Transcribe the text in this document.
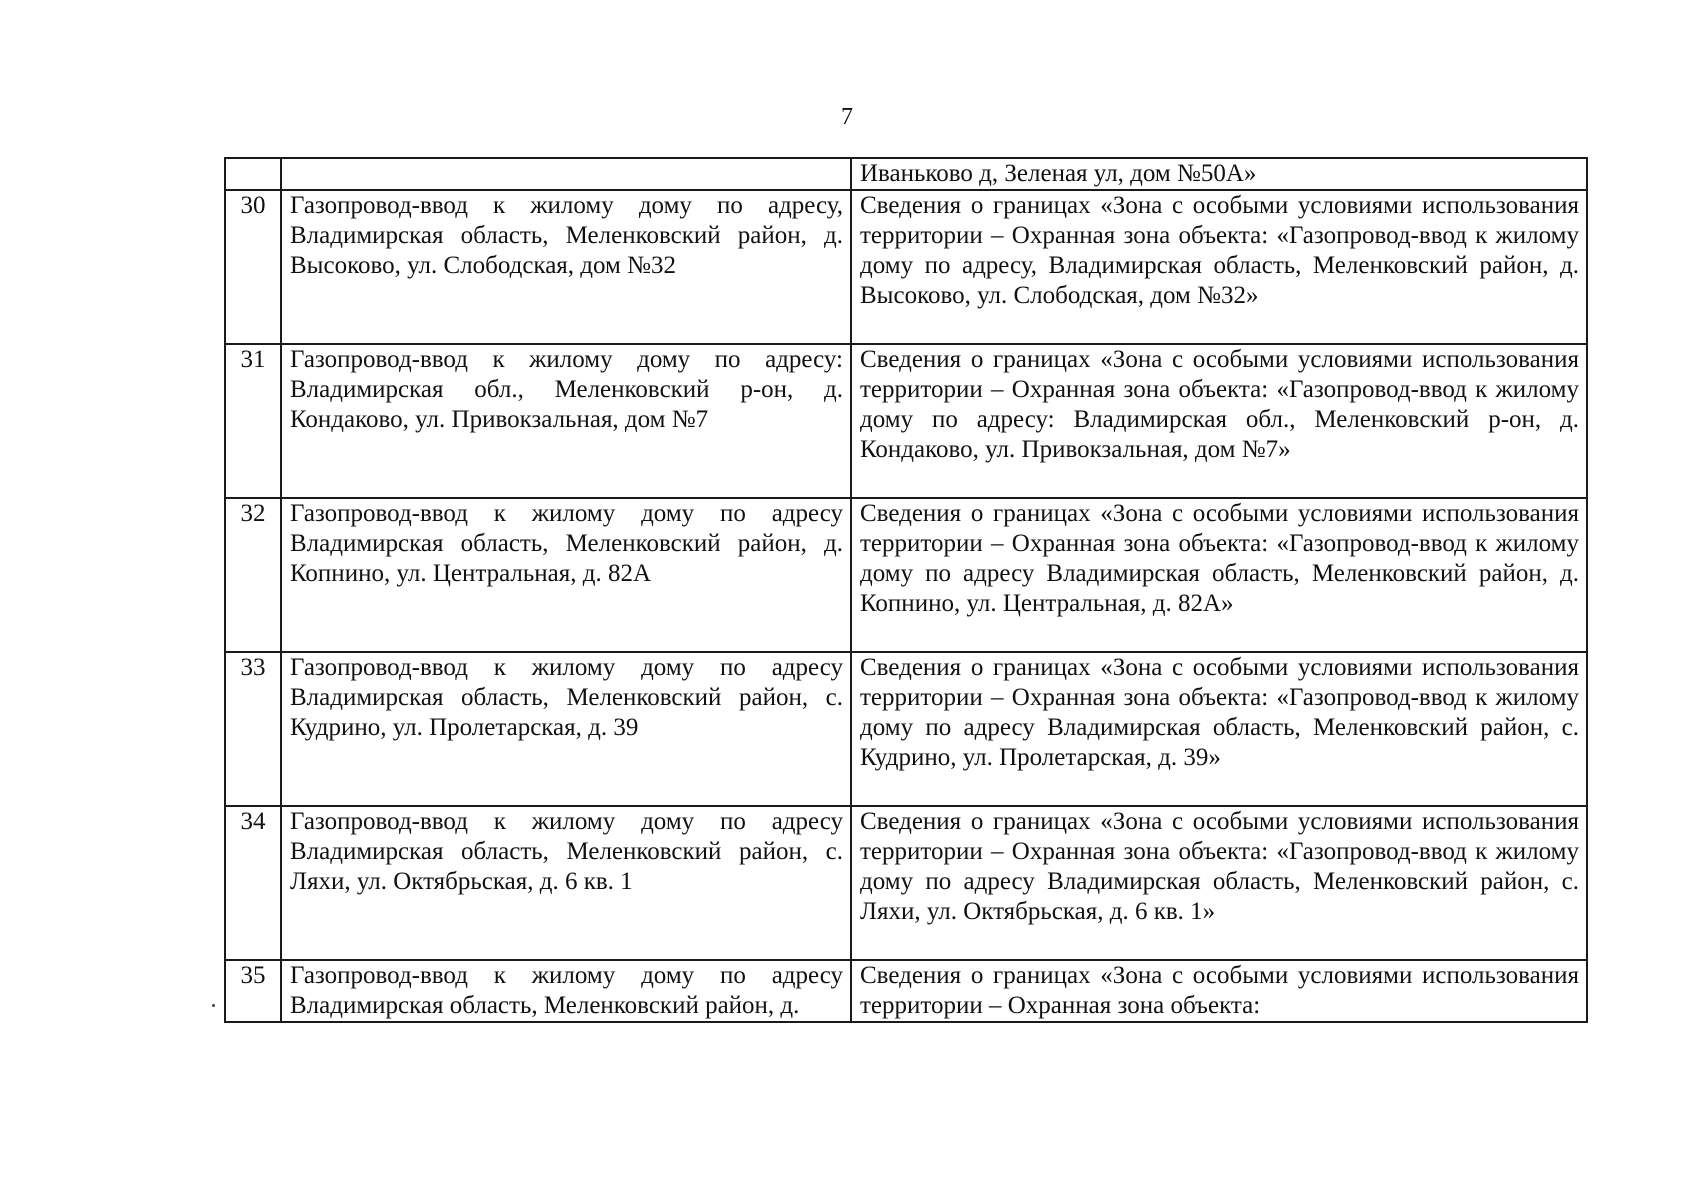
7

		Иваньково д, Зеленая ул, дом №50А»

30	Газопровод-ввод к жилому дому по адресу, Владимирская область, Меленковский район, д. Высоково, ул. Слободская, дом №32	Сведения о границах «Зона с особыми условиями использования территории – Охранная зона объекта: «Газопровод-ввод к жилому дому по адресу, Владимирская область, Меленковский район, д. Высоково, ул. Слободская, дом №32»

31	Газопровод-ввод к жилому дому по адресу: Владимирская обл., Меленковский р-он, д. Кондаково, ул. Привокзальная, дом №7	Сведения о границах «Зона с особыми условиями использования территории – Охранная зона объекта: «Газопровод-ввод к жилому дому по адресу: Владимирская обл., Меленковский р-он, д. Кондаково, ул. Привокзальная, дом №7»

32	Газопровод-ввод к жилому дому по адресу Владимирская область, Меленковский район, д. Копнино, ул. Центральная, д. 82А	Сведения о границах «Зона с особыми условиями использования территории – Охранная зона объекта: «Газопровод-ввод к жилому дому по адресу Владимирская область, Меленковский район, д. Копнино, ул. Центральная, д. 82А»

33	Газопровод-ввод к жилому дому по адресу Владимирская область, Меленковский район, с. Кудрино, ул. Пролетарская, д. 39	Сведения о границах «Зона с особыми условиями использования территории – Охранная зона объекта: «Газопровод-ввод к жилому дому по адресу Владимирская область, Меленковский район, с. Кудрино, ул. Пролетарская, д. 39»

34	Газопровод-ввод к жилому дому по адресу Владимирская область, Меленковский район, с. Ляхи, ул. Октябрьская, д. 6 кв. 1	Сведения о границах «Зона с особыми условиями использования территории – Охранная зона объекта: «Газопровод-ввод к жилому дому по адресу Владимирская область, Меленковский район, с. Ляхи, ул. Октябрьская, д. 6 кв. 1»

35	Газопровод-ввод к жилому дому по адресу Владимирская область, Меленковский район, д.	Сведения о границах «Зона с особыми условиями использования территории – Охранная зона объекта:
